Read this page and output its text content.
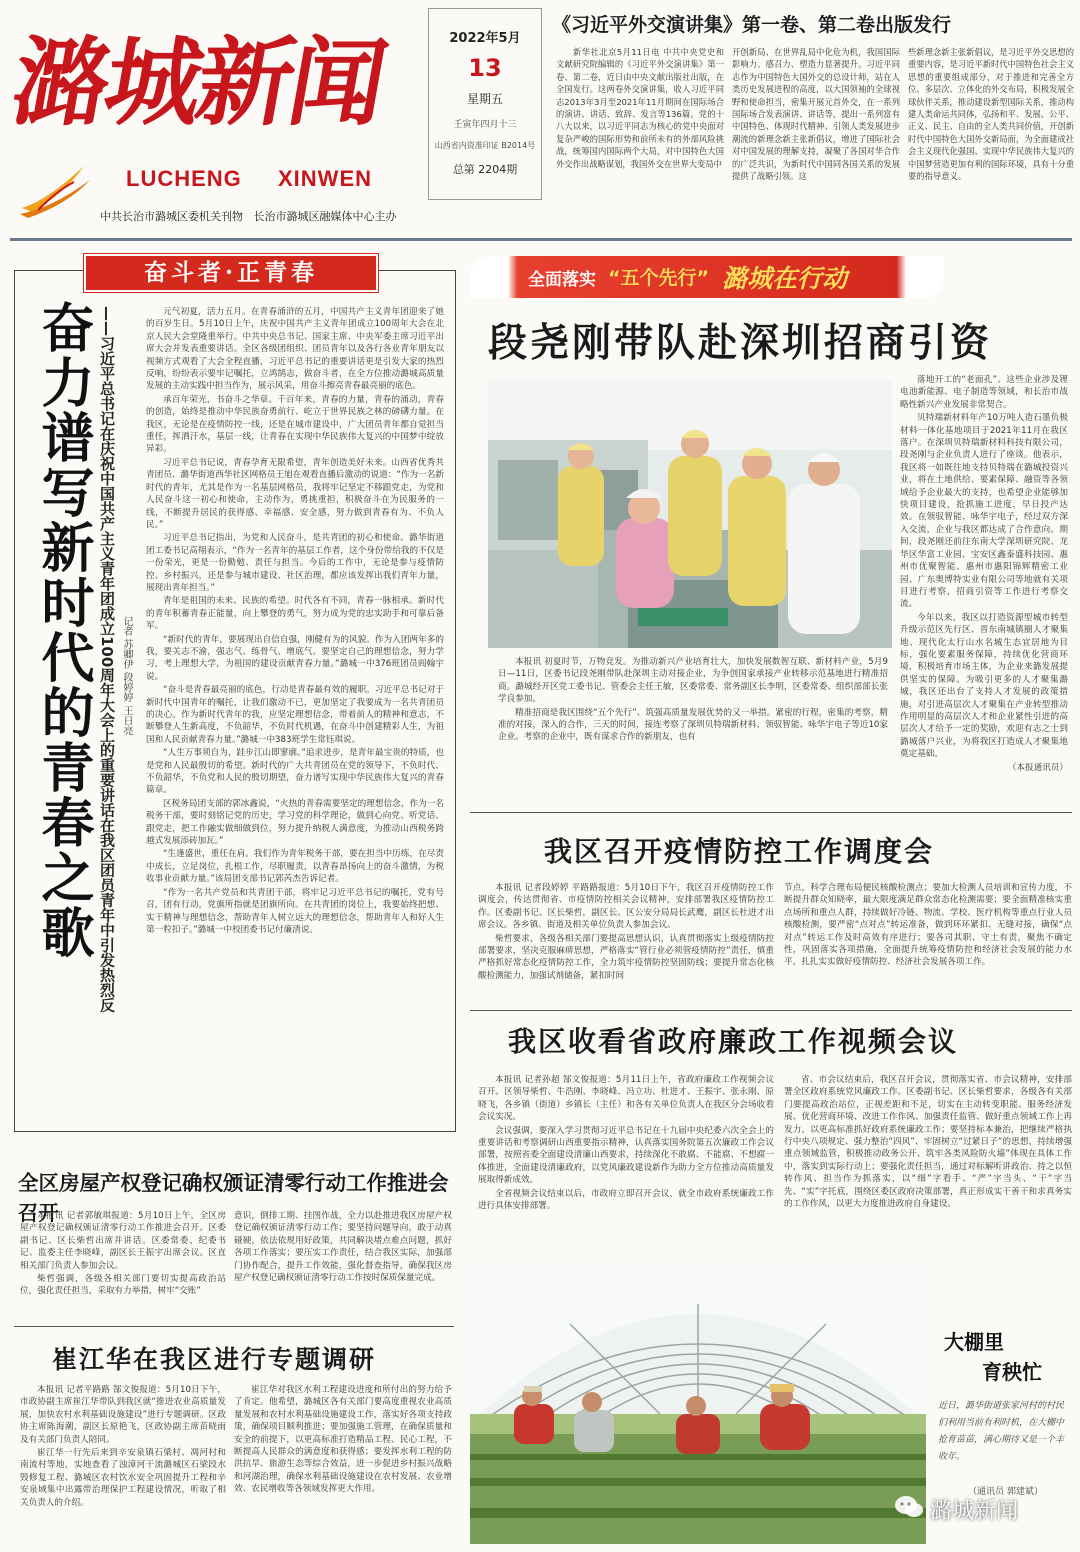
潞城新闻
LUCHENG XINWEN
中共长治市潞城区委机关刊物   长治市潞城区融媒体中心主办
2022年5月
13
星期五
壬寅年四月十三
山西省内资准印证 B2014号
总第 2204期
《习近平外交演讲集》第一卷、第二卷出版发行
新华社北京5月11日电 中共中央党史和文献研究院编辑的《习近平外交演讲集》第一卷、第二卷，近日由中央文献出版社出版，在全国发行。这两卷外交演讲集，收入习近平同志2013年3月至2021年11月期间在国际场合的演讲、讲话、致辞、发言等136篇。党的十八大以来，以习近平同志为核心的党中央面对复杂严峻的国际形势和前所未有的外部风险挑战，统筹国内国际两个大局，对中国特色大国外交作出战略谋划，我国外交在世界大变局中
开创新局、在世界乱局中化危为机，我国国际影响力、感召力、塑造力显著提升。习近平同志作为中国特色大国外交的总设计师，站在人类历史发展进程的高度，以大国领袖的全球视野和使命担当，密集开展元首外交，在一系列国际场合发表演讲、讲话等，提出一系列富有中国特色、体现时代精神、引领人类发展进步潮流的新理念新主张新倡议，增进了国际社会对中国发展的理解支持，凝聚了各国对华合作的广泛共识，为新时代中国同各国关系的发展提供了战略引领。这
些新理念新主张新倡议，是习近平外交思想的重要内容，是习近平新时代中国特色社会主义思想的重要组成部分，对于推进和完善全方位、多层次、立体化的外交布局，积极发展全球伙伴关系，推动建设新型国际关系，推动构建人类命运共同体，弘扬和平、发展、公平、正义、民主、自由的全人类共同价值，开创新时代中国特色大国外交新局面，为全面建成社会主义现代化强国、实现中华民族伟大复兴的中国梦营造更加有利的国际环境，具有十分重要的指导意义。
奋斗者·正青春
奋力谱写新时代的青春之歌 ——习近平总书记在庆祝中国共产主义青年团成立100周年大会上的重要讲话在我区团员青年中引发热烈反
记者 苏卿伊 段婷婷 王日亮

元气初夏，活力五月。在青春涌浒的五月，中国共产主义青年团迎来了她的百岁生日。5月10日上午，庆祝中国共产主义青年团成立100周年大会在北京人民大会堂隆重举行。中共中央总书记、国家主席、中央军委主席习近平出席大会并发表重要讲话。全区各级团组织、团员青年以及各行各业青年朋友以视频方式观看了大会全程直播，习近平总书记的重要讲话更是引发大家的热烈反响，纷纷表示要牢记嘱托，立鸿鹄志，做奋斗者，在全方位推动潞城高质量发展的主动实践中担当作为，展示风采，用奋斗擦亮青春最亮丽的底色。

承百年荣光，书奋斗之华章。千百年来，青春的力量，青春的涌动，青春的创造，始终是推动中华民族奋勇前行、屹立于世界民族之林的磅礴力量。在我区，无论是在疫情防控一线，还是在城市建设中，广大团员青年都自觉担当重任，挥洒汗水，基层一线，让青春在实现中华民族伟大复兴的中国梦中绽放异彩。

习近平总书记说，青春孕育无限希望，青年创造美好未来。山西省优秀共青团员、潞华街道西华社区网格员王旭在观看直播后激动的说道：“作为一名新时代的青年，尤其是作为一名基层网格员，我将牢记坚定不移跟党走，为党和人民奋斗这一初心和使命，主动作为，勇挑重担，积极奋斗在为民服务的一线，不断提升居民的获得感、幸福感、安全感，努力做到青春有为、不负人民。”

习近平总书记指出，为党和人民奋斗，是共青团的初心和使命。潞华街道团工委书记高翔表示，“作为一名青年的基层工作者，这个身份带给我的不仅是一份荣光，更是一份勤勉、责任与担当。今后的工作中，无论是参与疫情防控、乡村振兴，还是参与城市建设、社区治理，都应该发挥出我们青年力量，展现出青年担当。”

青年是祖国的未来、民族的希望。时代各有不同，青春一脉相承。新时代的青年积蓄青春正能量，向上攀登的勇气，努力成为党的忠实助手和可靠后备军。

“新时代的青年，要展现出自信自强，刚健有为的风貌。作为入团两年多的我，要关志不渝，强志气、练骨气、增底气。要坚定自己的理想信念，努力学习，考上理想大学，为祖国的建设贡献青春力量。”潞城一中376班团员阎翰宇说。

“奋斗是青春最亮丽的底色，行动是青春最有效的履职。习近平总书记对于新时代中国青年的嘱托，让我们激动不已，更加坚定了我要成为一名共青团员的决心。作为新时代青年的我，应坚定理想信念，带着前人的精神和意志，不断攀登人生新高度，不负韶华，不负时代机遇，在奋斗中创建精彩人生，为祖国和人民贡献青春力量。”潞城一中383班学生常钰琪说。

“人生万事须自为，跬步江山即寥廓。”追求进步，是青年最宝贵的特质，也是党和人民最殷切的希望。新时代的广大共青团员在党的领导下，不负时代、不负韶华，不负党和人民的殷切期望，奋力谱写实现中华民族伟大复兴的青春篇章。

区税务局团支部的郭冰鑫说，“火热的青春需要坚定的理想信念，作为一名税务干部，要时刻铭记党的历史，学习党的科学理论，做到心向党、听党话、跟党走，把工作融实做细做到位，努力提升纳税人满意度，为推动山西税务跨越式发展添砖加瓦。”

“生逢盛世，重任在肩。我们作为青年税务干部，要在担当中历练，在尽责中成长，立足岗位，扎根工作，尽职履责，以青春昂扬向上的奋斗激情，为税收事业贡献力量。”该局团支部书记郭芮杰告诉记者。

“作为一名共产党员和共青团干部，将牢记习近平总书记的嘱托，党有号召，团有行动，党旗所指就是团旗所向。在共青团的岗位上，我要始终把想、实干精神与理想信念，帮助青年人树立远大的理想信念，帮助青年人和好人生第一粒扣子。”潞城一中校团委书记付廉清说。

全面落实 “五个先行” 潞城在行动
段尧刚带队赴深圳招商引资

本报讯 初夏时节，万物竞发。为推动新兴产业培育壮大，加快发展数智互联、新材料产业，5月9日—11日，区委书记段尧刚带队赴深圳主动对接企业，为争创国家承接产业转移示范基地进行精准招商。潞城经开区党工委书记、管委会主任王敏，区委常委、常务副区长李明，区委常委、组织部部长张学良参加。

精准招商是我区围绕“五个先行”、筑强高质量发展优势的又一举措。紧密的行程，密集的考察，精准的对接，深入的合作，三天的时间，接连考察了深圳贝特瑞新材料、领驭智能、咏华宇电子等近10家企业。考察的企业中，既有谋求合作的新朋友，也有

落地开工的“老面孔”。这些企业涉及锂电池新能源、电子制造等领域，和长治市战略性新兴产业发展非常契合。

贝特瑞新材料年产10万吨人造石墨负极材料一体化基地项目于2021年11月在我区落户。在深圳贝特瑞新材料科技有限公司，段尧刚与企业负责人进行了座谈。他表示，我区将一如既往地支持贝特瑞在潞城投资兴业，将在土地供给、要素保障、融资等各领域给予企业最大的支持，也希望企业能够加快项目建设，抢抓施工进度，早日投产达效。在领驭智能、咏华宇电子，经过双方深入交流，企业与我区都达成了合作意向。期间，段尧刚还前往东南大学深圳研究院、龙华区华富工业园、宝安区鑫泰盛科技园、惠州市优聚智能、惠州市惠阳锦辉精密工业园、广东奥博特实业有限公司等地就有关项目进行考察，招商引资等工作进行考察交流。

今年以来，我区以打造资源型城市转型升级示范区先行区、晋东南城镇圈人才聚集地、现代化太行山水名城生态宜居地为目标，强化要素服务保障，持续优化营商环境，积极培育市场主体，为企业来潞发展提供坚实的保障。为吸引更多的人才聚集潞城，我区还出台了支持人才发展的政策措施，对引进高层次人才聚集在产业转型推动作用明显的高层次人才和企业紧性引进的高层次人才给予一定的奖励，欢迎有志之士到潞城落户兴业，为将我区打造成人才聚集地奠定基础。

（本报通讯员）

我区召开疫情防控工作调度会

本报讯 记者段婷婷 平路路报道：5月10日下午，我区召开疫情防控工作调度会，传达贯彻省、市疫情防控相关会议精神，安排部署我区疫情防控工作。区委副书记、区长柴哲，副区长、区公安分局局长武鹰，副区长杜进才出席会议。各乡镇、街道及相关单位负责人参加会议。

柴哲要求，各级各相关部门要提高思想认识，认真贯彻落实上级疫情防控部署要求，坚决克服麻痹思想，严格落实“管行业必须管疫情防控”责任，慎重严格抓好常态化疫情防控工作，全力筑牢疫情防控坚固防线；要提升常态化核酸检测能力，加强试剂储备，紧扣时间

节点，科学合理布局便民核酸检测点；要加大检测人员培训和宣传力度，不断提升群众知晓率，最大限度满足群众常态化检测需要；要全面精准核实重点场所和重点人群，持续做好冷链、物流、学校、医疗机构等重点行业人员核酸检测，要严密“点对点”转运准备，做到环环紧扣、无缝对接，确保“点对点”转运工作及时高效有序进行；要各司其职、守土有责，聚焦不确定性，巩固落实各项措施，全面提升统筹疫情防控和经济社会发展的能力水平，扎扎实实做好疫情防控、经济社会发展各项工作。

我区收看省政府廉政工作视频会议

本报讯 记者孙超 郜文俊报道：5月11日上午，省政府廉政工作视频会议召开。区领导柴哲、牛浩刚、李晓峰、冯立功、杜进才、王振宇、张永刚、原晓飞，各乡镇（街道）乡镇长（主任）和各有关单位负责人在我区分会场收看会议实况。

会议强调，要深入学习贯彻习近平总书记在十九届中央纪委六次全会上的重要讲话和考察调研山西重要指示精神，认真落实国务院第五次廉政工作会议部署，按照省委全面建设清廉山西要求，持续深化不敢腐、不能腐、不想腐一体推进，全面建设清廉政府，以党风廉政建设新作为助力全方位推动高质量发展取得新成效。

全省视频会议结束以后，市政府立即召开会议，就全市政府系统廉政工作进行具体安排部署。

省、市会议结束后，我区召开会议，贯彻落实省、市会议精神，安排部署全区政府系统党风廉政工作。区委副书记、区长柴哲要求，各级各有关部门要提高政治站位，正视差距和不足，切实在主动转变职能、服务经济发展、优化营商环境、改进工作作风、加强责任监管、做好重点领域工作上再发力，以更高标准抓好政府系统廉政工作；要坚持标本兼治，把继续严格执行中央八项规定、强力整治“四风”、牢固树立“过紧日子”的思想，持续增强重点领域监管，积极推动政务公开、筑牢各类风险防火墙”体现在具体工作中，落实到实际行动上；要强化责任担当，通过对标解听讲政治、持之以恒转作风、担当作为抓落实，以“细”字看手、“严”字当头、“干”字当先、“实”字托底，围绕区委区政府决策部署，真正形成实干善干和求真务实的工作作风，以更大力度推进政府自身建设。

大棚里
育秧忙
近日，潞华街道张家河村的村民们利用当前有利时机，在大棚中抢育苗苗，满心期待又是一个丰收年。
（通讯员 郭建斌）
潞城新闻
全区房屋产权登记确权颁证清零行动工作推进会召开

本报讯 记者郭敏琪报道：5月10日上午，全区房屋产权登记确权颁证清零行动工作推进会召开。区委副书记、区长柴哲出席并讲话。区委常委、纪委书记、监委主任李晓峰，副区长王振宇出席会议。区直相关部门负责人参加会议。

柴哲强调，各级各相关部门要切实提高政治站位，强化责任担当，采取有力举措，树牢“交账”

意识，倒排工期、挂图作战，全力以赴推进我区房屋产权登记确权颁证清零行动工作；要坚持问题导向，敢于动真碰硬，依法依规用好政策，共同解决堵点难点问题，抓好各项工作落实；要压实工作责任，结合我区实际，加强部门协作配合，提升工作效能，强化督查指导，确保我区房屋产权登记确权颁证清零行动工作按时保质保量完成。

崔江华在我区进行专题调研

本报讯 记者平路路 郜文俊报道：5月10日下午，市政协副主席崔江华带队到我区就“推进农业高质量发展，加快农村水利基础设施建设”进行专题调研。区政协主席陈海潮，副区长原艳飞，区政协副主席苗晓雨及有关部门负责人陪同。

崔江华一行先后来到辛安泉镇石梁村、凋河村和南流村等地，实地查看了浊漳河干流潞城区石梁段水毁修复工程、潞城区农村饮水安全巩固提升工程和辛安泉域集中出露带治理保护工程建设情况，听取了相关负责人的介绍。

崔江华对我区水利工程建设进度和所付出的努力给予了肯定。他希望，潞城区各有关部门要高度重视农业高质量发展和农村水利基础设施建设工作，落实好各项支持政策，确保项目顺利推进；要加强施工管理，在确保质量和安全的前提下，以更高标准打造精品工程、民心工程，不断提高人民群众的满意度和获得感；要发挥水利工程的防洪抗旱、旅游生态等综合效益，进一步促进乡村振兴战略和河湖治理，确保水利基础设施建设在农村发展、农业增效、农民增收等各领域发挥更大作用。
